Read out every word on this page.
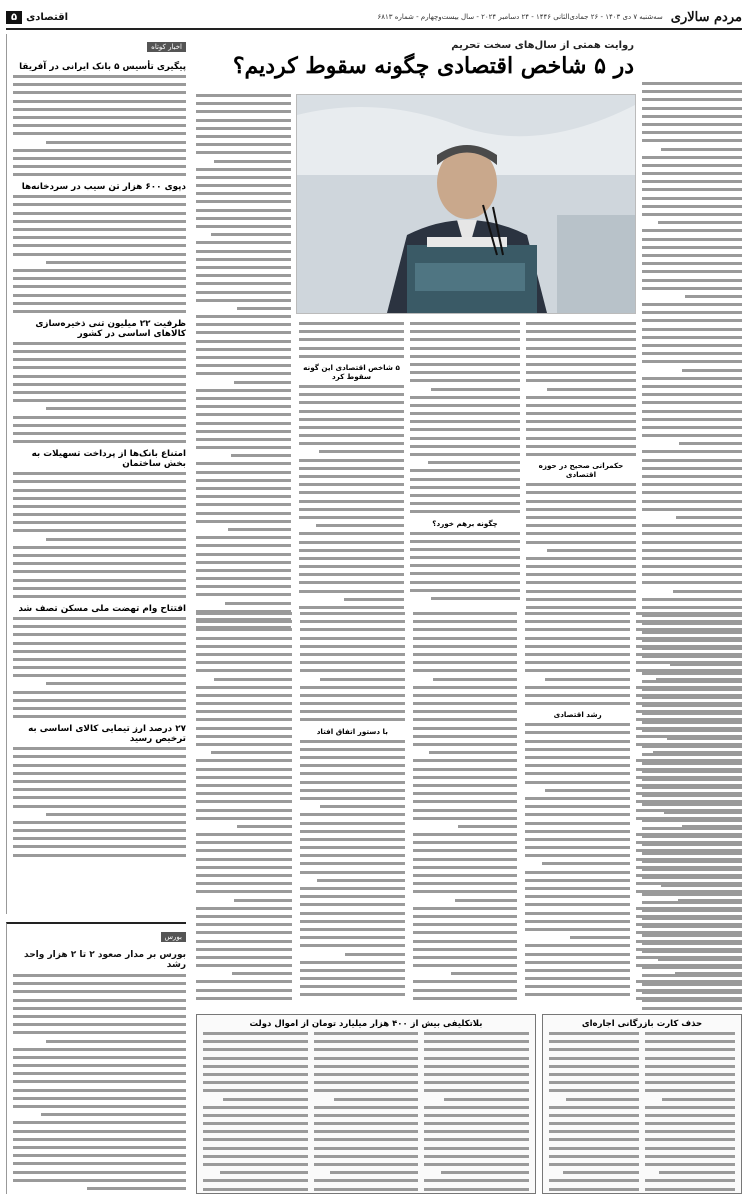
مردم سالاری
سه‌شنبه ۷ دی ۱۴۰۳ - ۲۶ جمادی‌الثانی ۱۴۴۶ - ۲۴ دسامبر ۲۰۲۴ - سال بیست‌وچهارم - شماره ۶۸۱۳
اقتصادی
۵
اخبار کوتاه
پیگیری تأسیس ۵ بانک ایرانی در آفریقا
دپوی ۶۰۰ هزار تن سیب در سردخانه‌ها
ظرفیت ۲۲ میلیون تنی ذخیره‌سازی کالاهای اساسی در کشور
امتناع بانک‌ها از پرداخت تسهیلات به بخش ساختمان
افتتاح وام تهضت ملی مسکن تصف شد
۲۷ درصد ارز تیمایی کالای اساسی به ترخیص رسید
بورس
بورس بر مدار صعود ۲ تا ۲ هزار واحد رشد
روایت همتی از سال‌های سخت تحریم
در ۵ شاخص اقتصادی چگونه سقوط کردیم؟
حکمرانی صحیح در حوزه اقتصادی
چگونه برهم خورد؟
۵ شاخص اقتصادی این گونه سقوط کرد
رشد اقتصادی
با دستور اتفاق افتاد
بلاتکلیفی بیش از ۴۰۰ هزار میلیارد تومان از اموال دولت	حذف کارت بازرگانی اجاره‌ای
